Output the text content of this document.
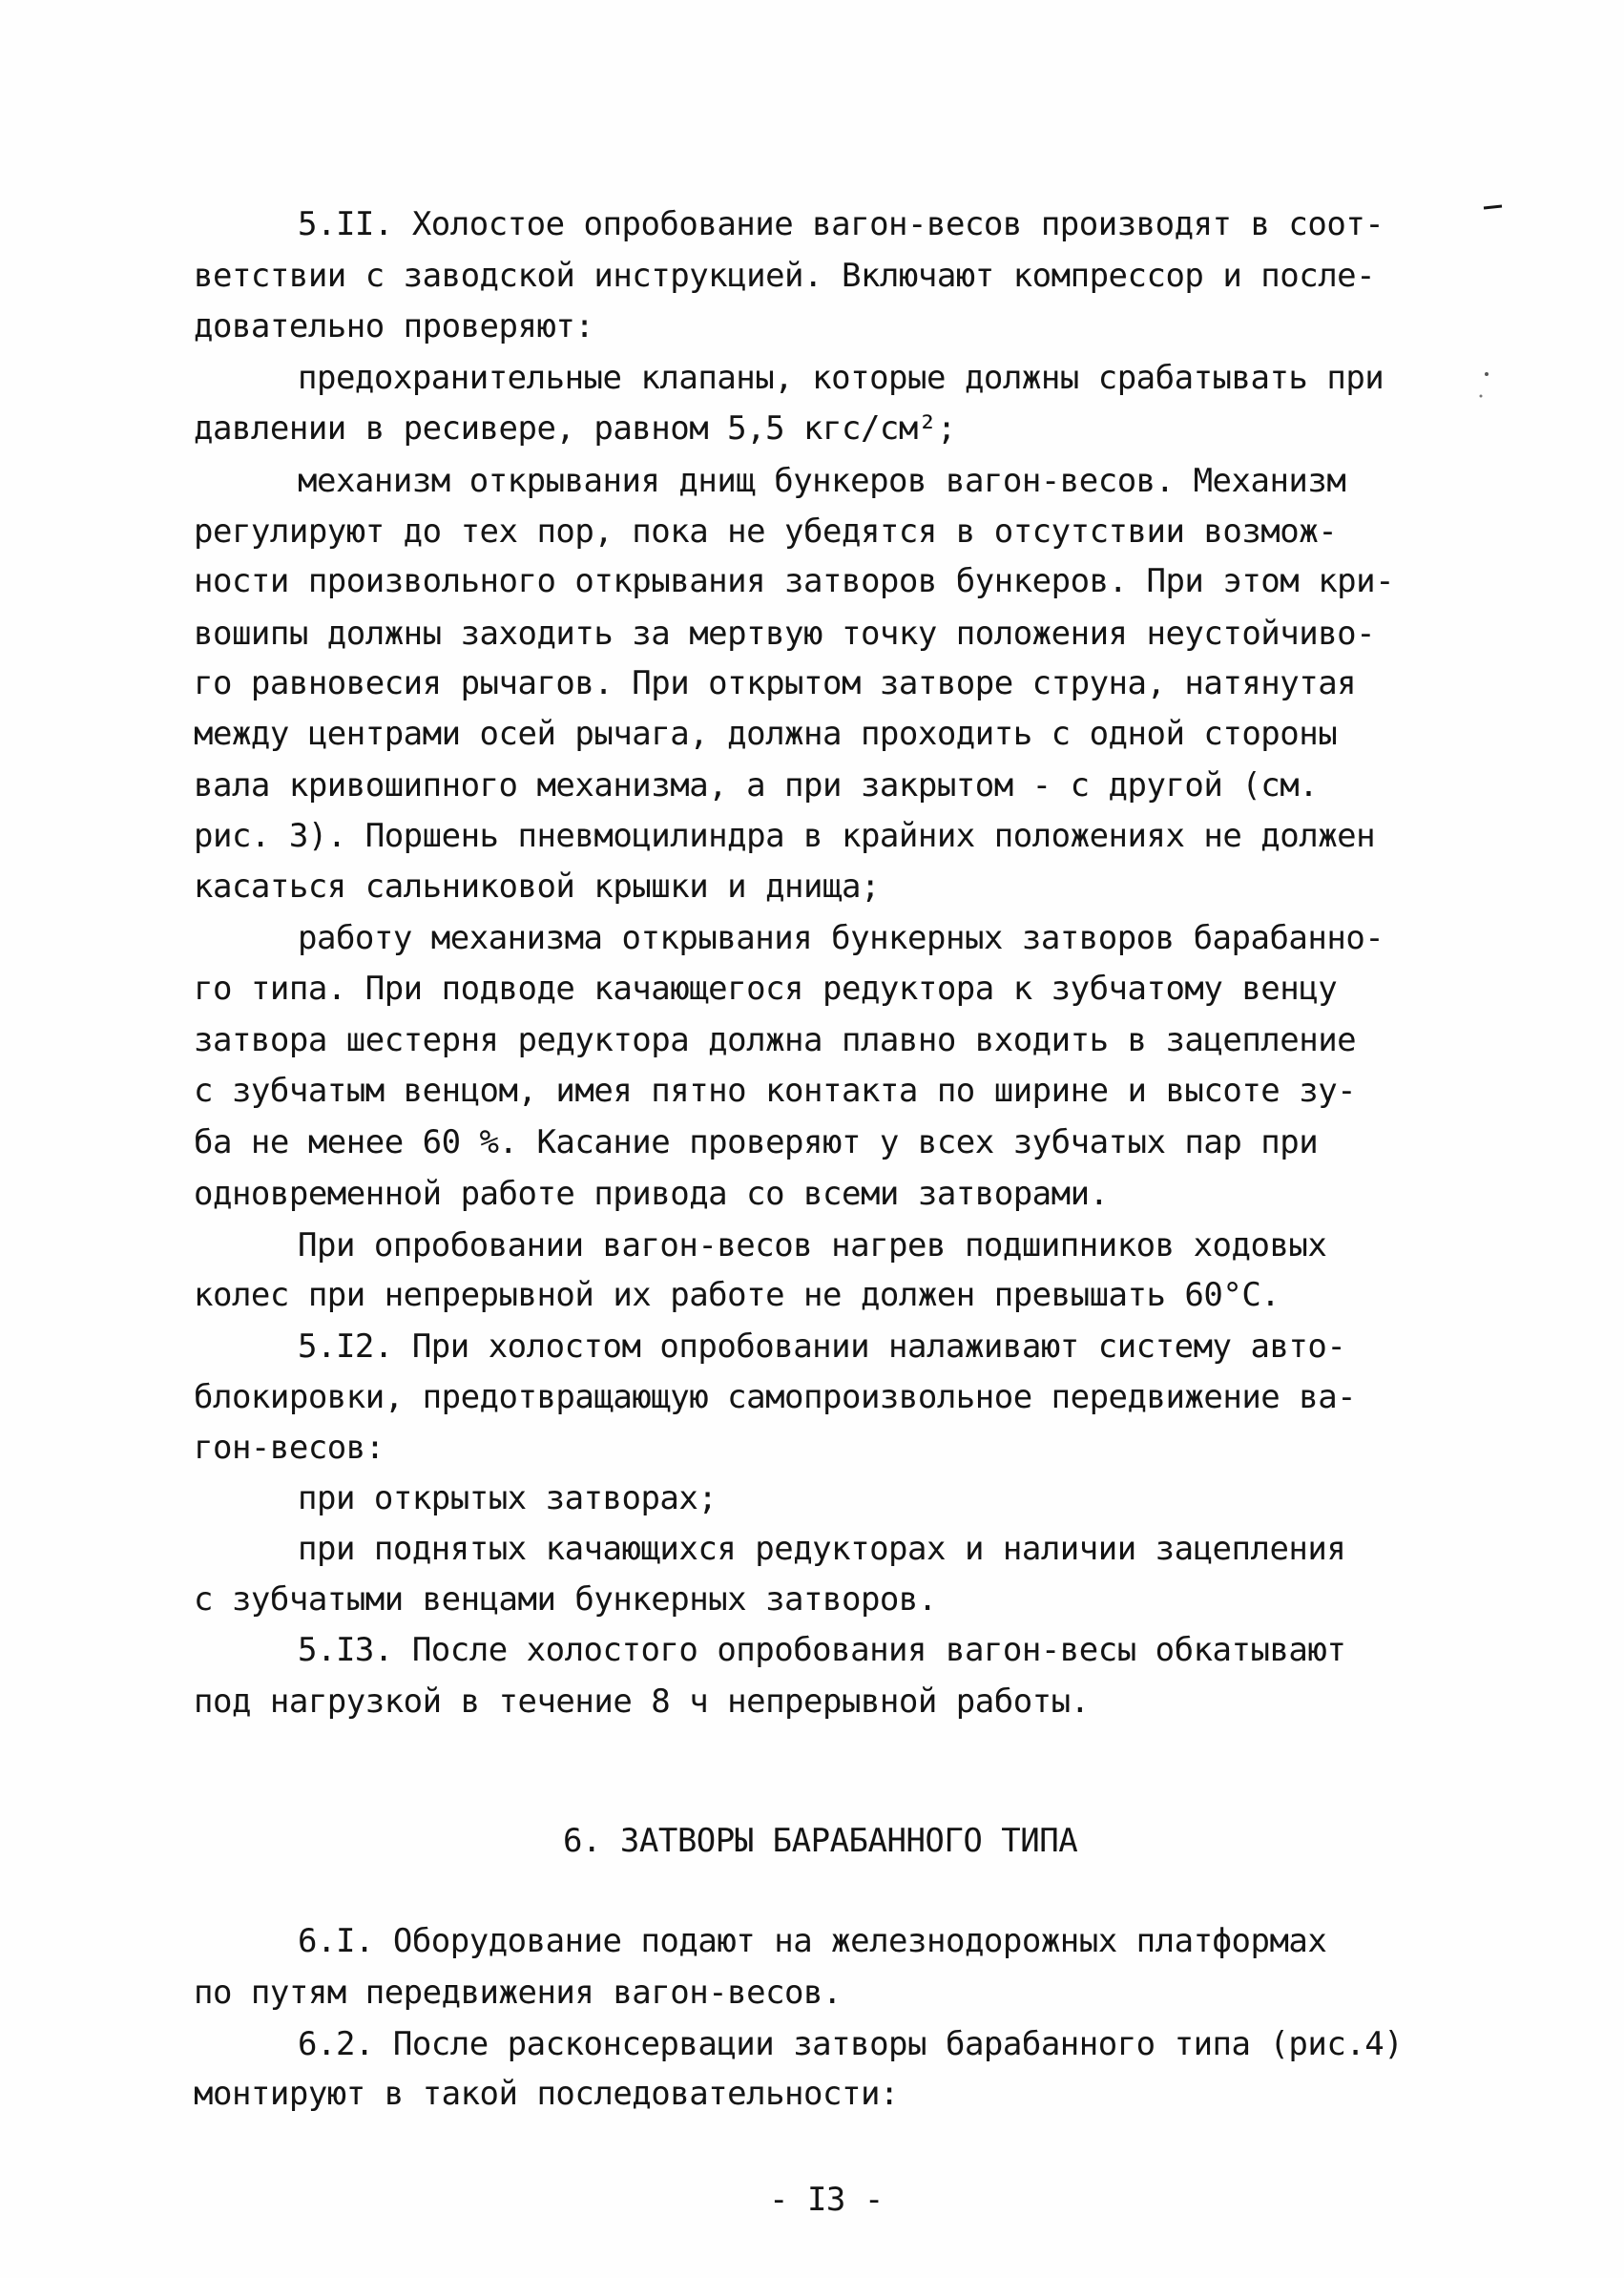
5.II. Холостое опробование вагон-весов производят в соот-
ветствии с заводской инструкцией. Включают компрессор и после-
довательно проверяют:
предохранительные клапаны, которые должны срабатывать при
давлении в ресивере, равном 5,5 кгс/см²;
механизм открывания днищ бункеров вагон-весов. Механизм
регулируют до тех пор, пока не убедятся в отсутствии возмож-
ности произвольного открывания затворов бункеров. При этом кри-
вошипы должны заходить за мертвую точку положения неустойчиво-
го равновесия рычагов. При открытом затворе струна, натянутая
между центрами осей рычага, должна проходить с одной стороны
вала кривошипного механизма, а при закрытом - с другой (см.
рис. 3). Поршень пневмоцилиндра в крайних положениях не должен
касаться сальниковой крышки и днища;
работу механизма открывания бункерных затворов барабанно-
го типа. При подводе качающегося редуктора к зубчатому венцу
затвора шестерня редуктора должна плавно входить в зацепление
с зубчатым венцом, имея пятно контакта по ширине и высоте зу-
ба не менее 60 %. Касание проверяют у всех зубчатых пар при
одновременной работе привода со всеми затворами.
При опробовании вагон-весов нагрев подшипников ходовых
колес при непрерывной их работе не должен превышать 60°С.
5.I2. При холостом опробовании налаживают систему авто-
блокировки, предотвращающую самопроизвольное передвижение ва-
гон-весов:
при открытых затворах;
при поднятых качающихся редукторах и наличии зацепления
с зубчатыми венцами бункерных затворов.
5.I3. После холостого опробования вагон-весы обкатывают
под нагрузкой в течение 8 ч непрерывной работы.
6. ЗАТВОРЫ БАРАБАННОГО ТИПА
6.I. Оборудование подают на железнодорожных платформах
по путям передвижения вагон-весов.
6.2. После расконсервации затворы барабанного типа (рис.4)
монтируют в такой последовательности:
- I3 -
